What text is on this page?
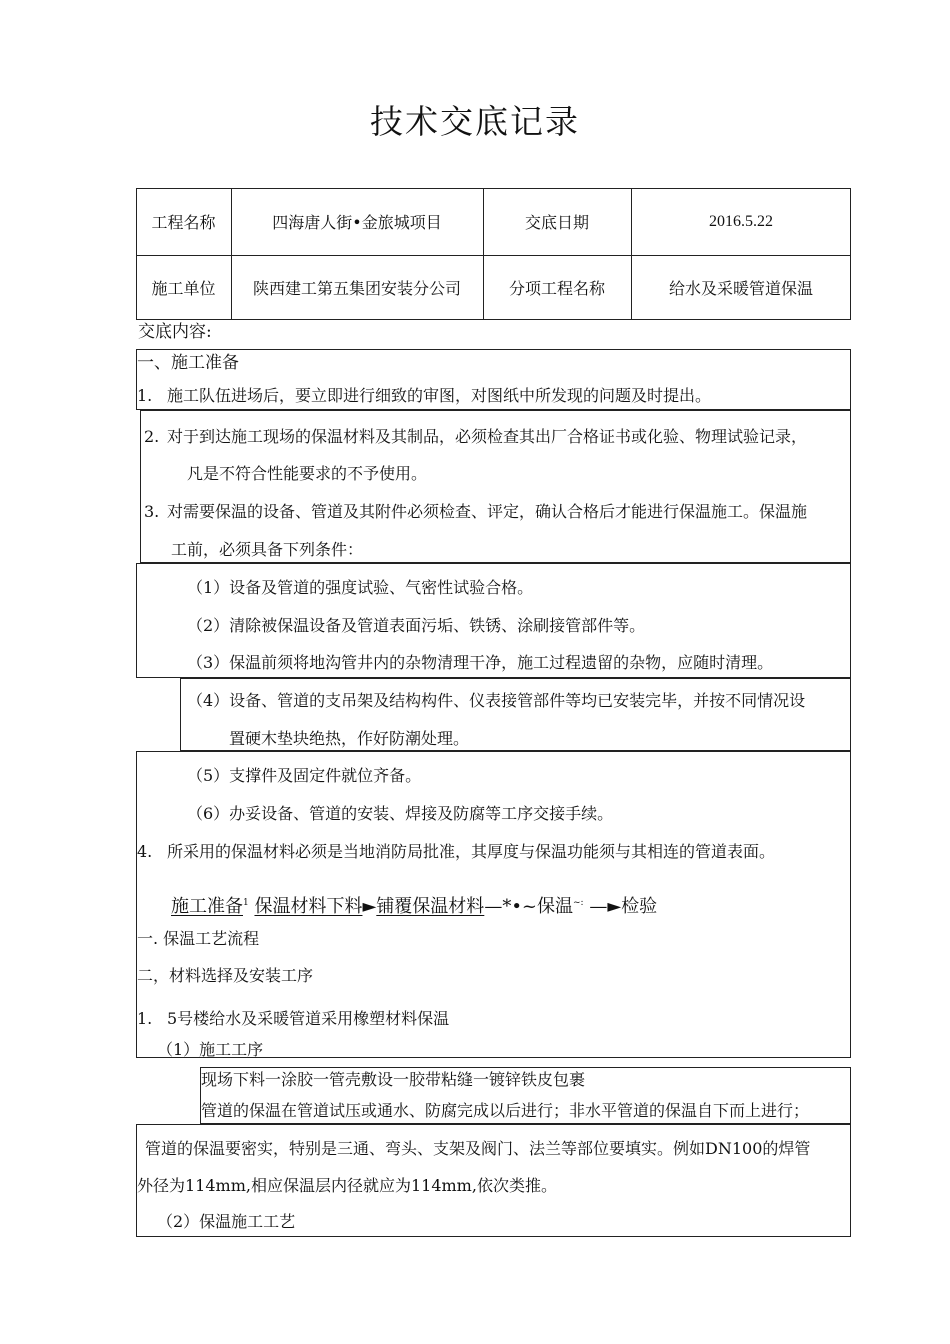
技术交底记录
工程名称	四海唐人街•金旅城项目	交底日期	2016.5.22
施工单位	陕西建工第五集团安装分公司	分项工程名称	给水及采暖管道保温
交底内容:
一、施工准备
1. 施工队伍进场后，要立即进行细致的审图，对图纸中所发现的问题及时提出。
2. 对于到达施工现场的保温材料及其制品，必须检查其出厂合格证书或化验、物理试验记录，
凡是不符合性能要求的不予使用。
3. 对需要保温的设备、管道及其附件必须检查、评定，确认合格后才能进行保温施工。保温施
工前，必须具备下列条件：
（1）设备及管道的强度试验、气密性试验合格。
（2）清除被保温设备及管道表面污垢、铁锈、涂刷接管部件等。
（3）保温前须将地沟管井内的杂物清理干净，施工过程遗留的杂物，应随时清理。
（4）设备、管道的支吊架及结构构件、仪表接管部件等均已安装完毕，并按不同情况设
置硬木垫块绝热，作好防潮处理。
（5）支撑件及固定件就位齐备。
（6）办妥设备、管道的安装、焊接及防腐等工序交接手续。
4. 所采用的保温材料必须是当地消防局批准，其厚度与保温功能须与其相连的管道表面。
施工准备$^1$ 保温材料下料►铺覆保温材料—*•~保温~: —►检验
一. 保温工艺流程
二，材料选择及安装工序
1. 5号楼给水及采暖管道采用橡塑材料保温
（1）施工工序
现场下料一涂胶一管壳敷设一胶带粘缝一镀锌铁皮包裹
管道的保温在管道试压或通水、防腐完成以后进行；非水平管道的保温自下而上进行；
管道的保温要密实，特别是三通、弯头、支架及阀门、法兰等部位要填实。例如DN100的焊管
外径为114mm,相应保温层内径就应为114mm,依次类推。
（2）保温施工工艺
